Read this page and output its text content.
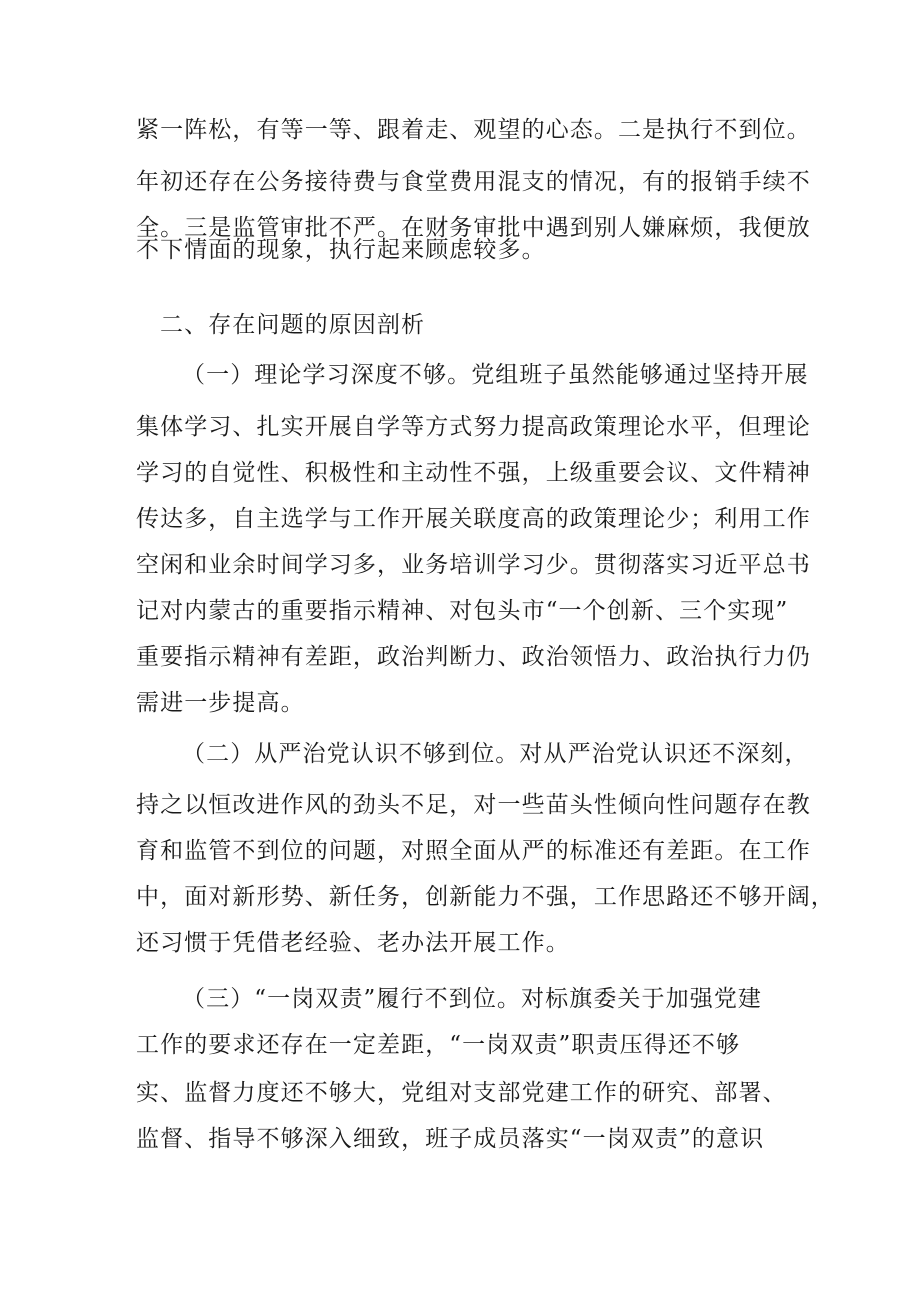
紧一阵松，有等一等、跟着走、观望的心态。二是执行不到位。
年初还存在公务接待费与食堂费用混支的情况，有的报销手续不
全。三是监管审批不严。在财务审批中遇到别人嫌麻烦，我便放
不下情面的现象，执行起来顾虑较多。
二、存在问题的原因剖析
（一）理论学习深度不够。党组班子虽然能够通过坚持开展
集体学习、扎实开展自学等方式努力提高政策理论水平，但理论
学习的自觉性、积极性和主动性不强，上级重要会议、文件精神
传达多，自主选学与工作开展关联度高的政策理论少；利用工作
空闲和业余时间学习多，业务培训学习少。贯彻落实习近平总书
记对内蒙古的重要指示精神、对包头市“一个创新、三个实现”
重要指示精神有差距，政治判断力、政治领悟力、政治执行力仍
需进一步提高。
（二）从严治党认识不够到位。对从严治党认识还不深刻，
持之以恒改进作风的劲头不足，对一些苗头性倾向性问题存在教
育和监管不到位的问题，对照全面从严的标准还有差距。在工作
中，面对新形势、新任务，创新能力不强，工作思路还不够开阔，
还习惯于凭借老经验、老办法开展工作。
（三）“一岗双责”履行不到位。对标旗委关于加强党建
工作的要求还存在一定差距，“一岗双责”职责压得还不够
实、监督力度还不够大，党组对支部党建工作的研究、部署、
监督、指导不够深入细致，班子成员落实“一岗双责”的意识
